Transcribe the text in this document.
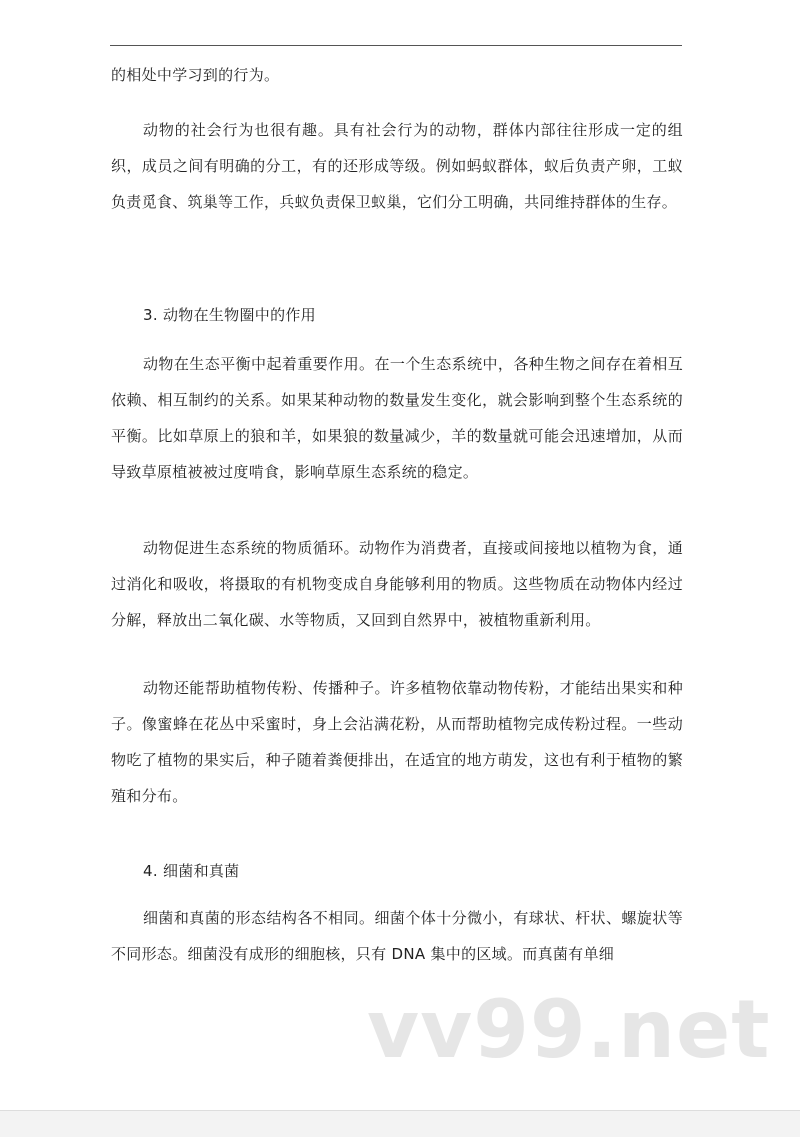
的相处中学习到的行为。

动物的社会行为也很有趣。具有社会行为的动物，群体内部往往形成一定的组织，成员之间有明确的分工，有的还形成等级。例如蚂蚁群体，蚁后负责产卵，工蚁负责觅食、筑巢等工作，兵蚁负责保卫蚁巢，它们分工明确，共同维持群体的生存。

3. 动物在生物圈中的作用

动物在生态平衡中起着重要作用。在一个生态系统中，各种生物之间存在着相互依赖、相互制约的关系。如果某种动物的数量发生变化，就会影响到整个生态系统的平衡。比如草原上的狼和羊，如果狼的数量减少，羊的数量就可能会迅速增加，从而导致草原植被被过度啃食，影响草原生态系统的稳定。

动物促进生态系统的物质循环。动物作为消费者，直接或间接地以植物为食，通过消化和吸收，将摄取的有机物变成自身能够利用的物质。这些物质在动物体内经过分解，释放出二氧化碳、水等物质，又回到自然界中，被植物重新利用。

动物还能帮助植物传粉、传播种子。许多植物依靠动物传粉，才能结出果实和种子。像蜜蜂在花丛中采蜜时，身上会沾满花粉，从而帮助植物完成传粉过程。一些动物吃了植物的果实后，种子随着粪便排出，在适宜的地方萌发，这也有利于植物的繁殖和分布。

4. 细菌和真菌

细菌和真菌的形态结构各不相同。细菌个体十分微小，有球状、杆状、螺旋状等不同形态。细菌没有成形的细胞核，只有 DNA 集中的区域。而真菌有单细

vv99.net
